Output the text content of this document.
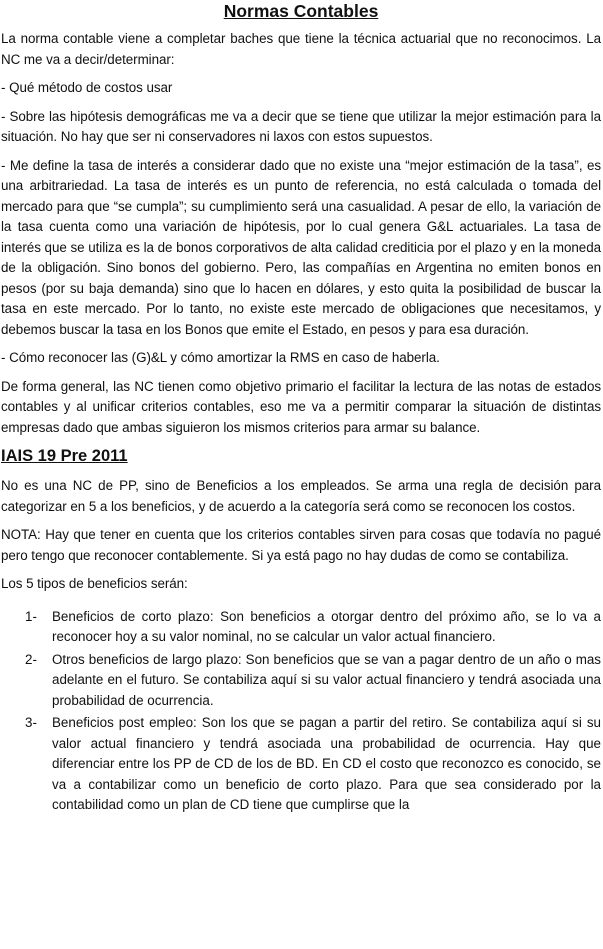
Normas Contables

La norma contable viene a completar baches que tiene la técnica actuarial que no reconocimos. La NC me va a decir/determinar:

- Qué método de costos usar

- Sobre las hipótesis demográficas me va a decir que se tiene que utilizar la mejor estimación para la situación. No hay que ser ni conservadores ni laxos con estos supuestos.

- Me define la tasa de interés a considerar dado que no existe una “mejor estimación de la tasa”, es una arbitrariedad. La tasa de interés es un punto de referencia, no está calculada o tomada del mercado para que “se cumpla”; su cumplimiento será una casualidad. A pesar de ello, la variación de la tasa cuenta como una variación de hipótesis, por lo cual genera G&L actuariales. La tasa de interés que se utiliza es la de bonos corporativos de alta calidad crediticia por el plazo y en la moneda de la obligación. Sino bonos del gobierno. Pero, las compañías en Argentina no emiten bonos en pesos (por su baja demanda) sino que lo hacen en dólares, y esto quita la posibilidad de buscar la tasa en este mercado. Por lo tanto, no existe este mercado de obligaciones que necesitamos, y debemos buscar la tasa en los Bonos que emite el Estado, en pesos y para esa duración.

- Cómo reconocer las (G)&L y cómo amortizar la RMS en caso de haberla.

De forma general, las NC tienen como objetivo primario el facilitar la lectura de las notas de estados contables y al unificar criterios contables, eso me va a permitir comparar la situación de distintas empresas dado que ambas siguieron los mismos criterios para armar su balance.

IAIS 19 Pre 2011

No es una NC de PP, sino de Beneficios a los empleados. Se arma una regla de decisión para categorizar en 5 a los beneficios, y de acuerdo a la categoría será como se reconocen los costos.

NOTA: Hay que tener en cuenta que los criterios contables sirven para cosas que todavía no pagué pero tengo que reconocer contablemente. Si ya está pago no hay dudas de como se contabiliza.

Los 5 tipos de beneficios serán:

1- Beneficios de corto plazo: Son beneficios a otorgar dentro del próximo año, se lo va a reconocer hoy a su valor nominal, no se calcular un valor actual financiero.
2- Otros beneficios de largo plazo: Son beneficios que se van a pagar dentro de un año o mas adelante en el futuro. Se contabiliza aquí si su valor actual financiero y tendrá asociada una probabilidad de ocurrencia.
3- Beneficios post empleo: Son los que se pagan a partir del retiro. Se contabiliza aquí si su valor actual financiero y tendrá asociada una probabilidad de ocurrencia. Hay que diferenciar entre los PP de CD de los de BD. En CD el costo que reconozco es conocido, se va a contabilizar como un beneficio de corto plazo. Para que sea considerado por la contabilidad como un plan de CD tiene que cumplirse que la
